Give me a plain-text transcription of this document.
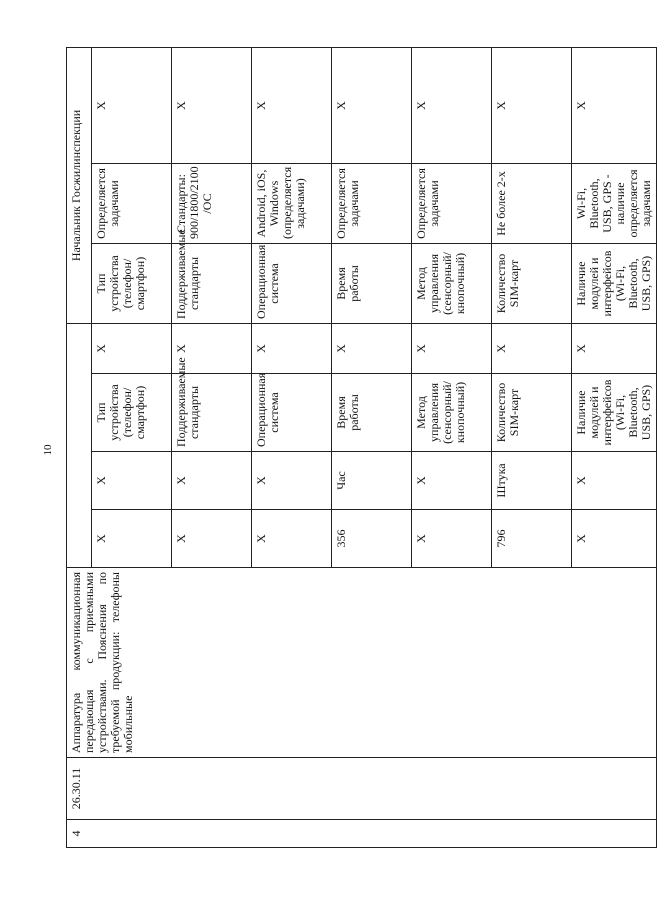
10
4	26.30.11	Аппаратура коммуникационная передающая с приемными устройствами. Пояснения по требуемой продукции: телефоны мобильные					Начальник Госжилинспекции		
			X	X	Тип устройства (телефон/смартфон)	X	Тип устройства (телефон/смартфон)	Определяется задачами	X
			X	X	Поддерживаемые стандарты	X	Поддерживаемые стандарты	Стандарты: 900/1800/2100 /ОС	X
			X	X	Операционная система	X	Операционная система	Android, iOS, Windows (определяется задачами)	X
			356	Час	Время работы	X	Время работы	Определяется задачами	X
			X	X	Метод управления (сенсорный/кнопочный)	X	Метод управления (сенсорный/кнопочный)	Определяется задачами	X
			796	Штука	Количество SIM-карт	X	Количество SIM-карт	Не более 2-х	X
			X	X	Наличие модулей и интерфейсов (Wi-Fi, Bluetooth, USB, GPS)	X	Наличие модулей и интерфейсов (Wi-Fi, Bluetooth, USB, GPS)	Wi-Fi, Bluetooth, USB, GPS - наличие определяется задачами	X
